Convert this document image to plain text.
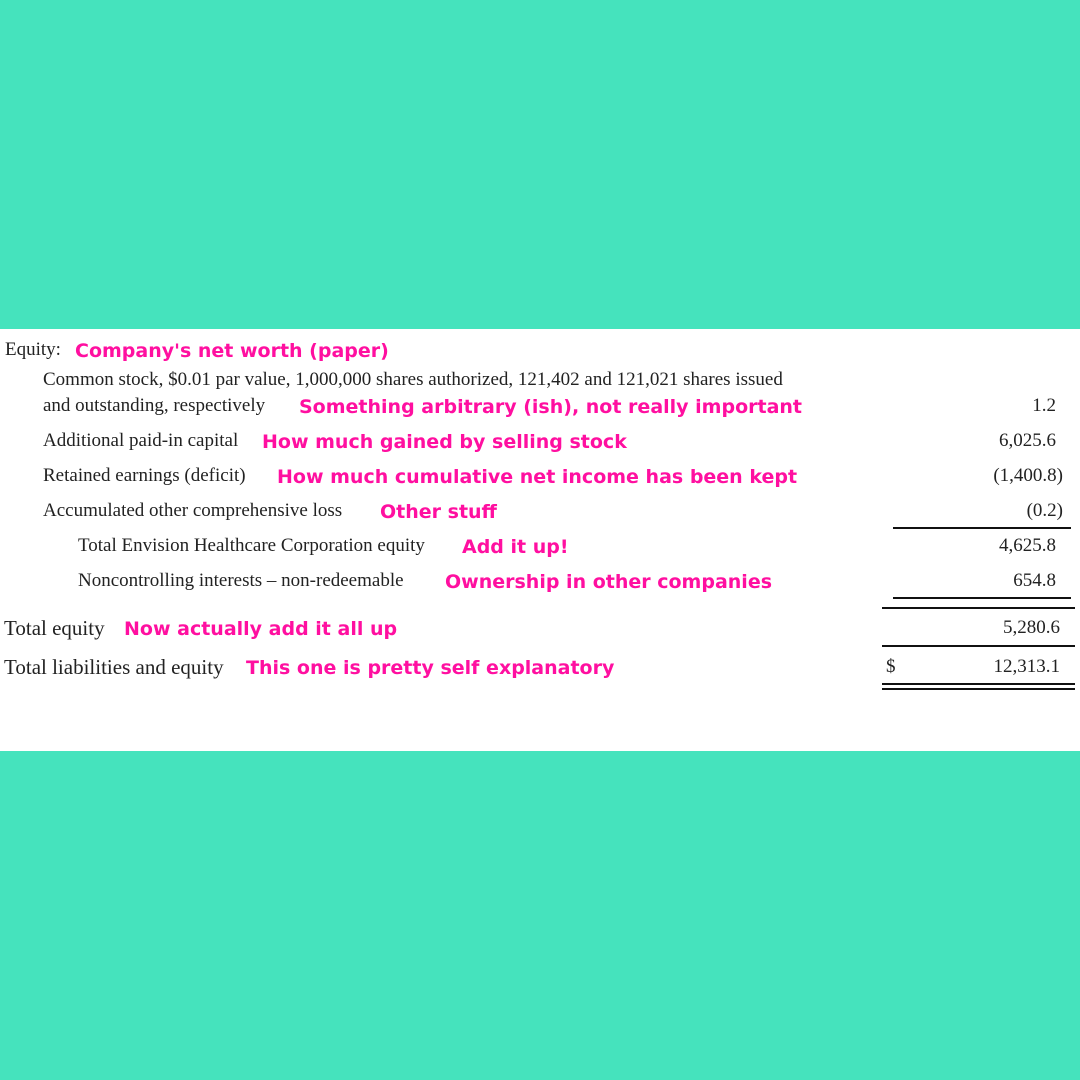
Equity: Company's net worth (paper)
Common stock, $0.01 par value, 1,000,000 shares authorized, 121,402 and 121,021 shares issued
and outstanding, respectively Something arbitrary (ish), not really important	1.2
Additional paid-in capital How much gained by selling stock	6,025.6
Retained earnings (deficit) How much cumulative net income has been kept	(1,400.8)
Accumulated other comprehensive loss Other stuff	(0.2)
Total Envision Healthcare Corporation equity Add it up!	4,625.8
Noncontrolling interests – non-redeemable Ownership in other companies	654.8
Total equity Now actually add it all up	5,280.6
Total liabilities and equity This one is pretty self explanatory	$	12,313.1
